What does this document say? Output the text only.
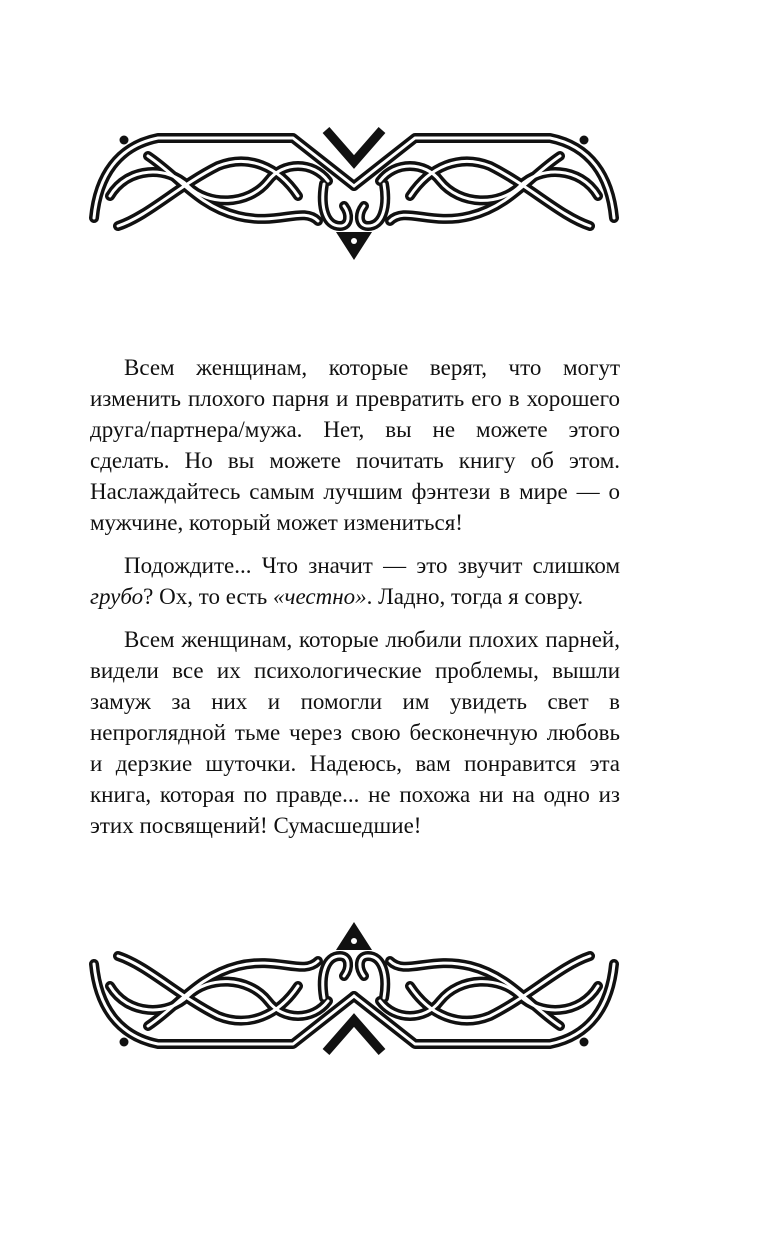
Всем женщинам, которые верят, что могут изменить плохого парня и превратить его в хорошего друга/партнера/мужа. Нет, вы не можете этого сделать. Но вы можете почитать книгу об этом. Наслаждайтесь самым лучшим фэнтези в мире — о мужчине, который может измениться!

Подождите... Что значит — это звучит слишком грубо? Ох, то есть «честно». Ладно, тогда я совру.

Всем женщинам, которые любили плохих парней, видели все их психологические проблемы, вышли замуж за них и помогли им увидеть свет в непроглядной тьме через свою бесконечную любовь и дерзкие шуточки. Надеюсь, вам понравится эта книга, которая по правде... не похожа ни на одно из этих посвящений! Сумасшедшие!
